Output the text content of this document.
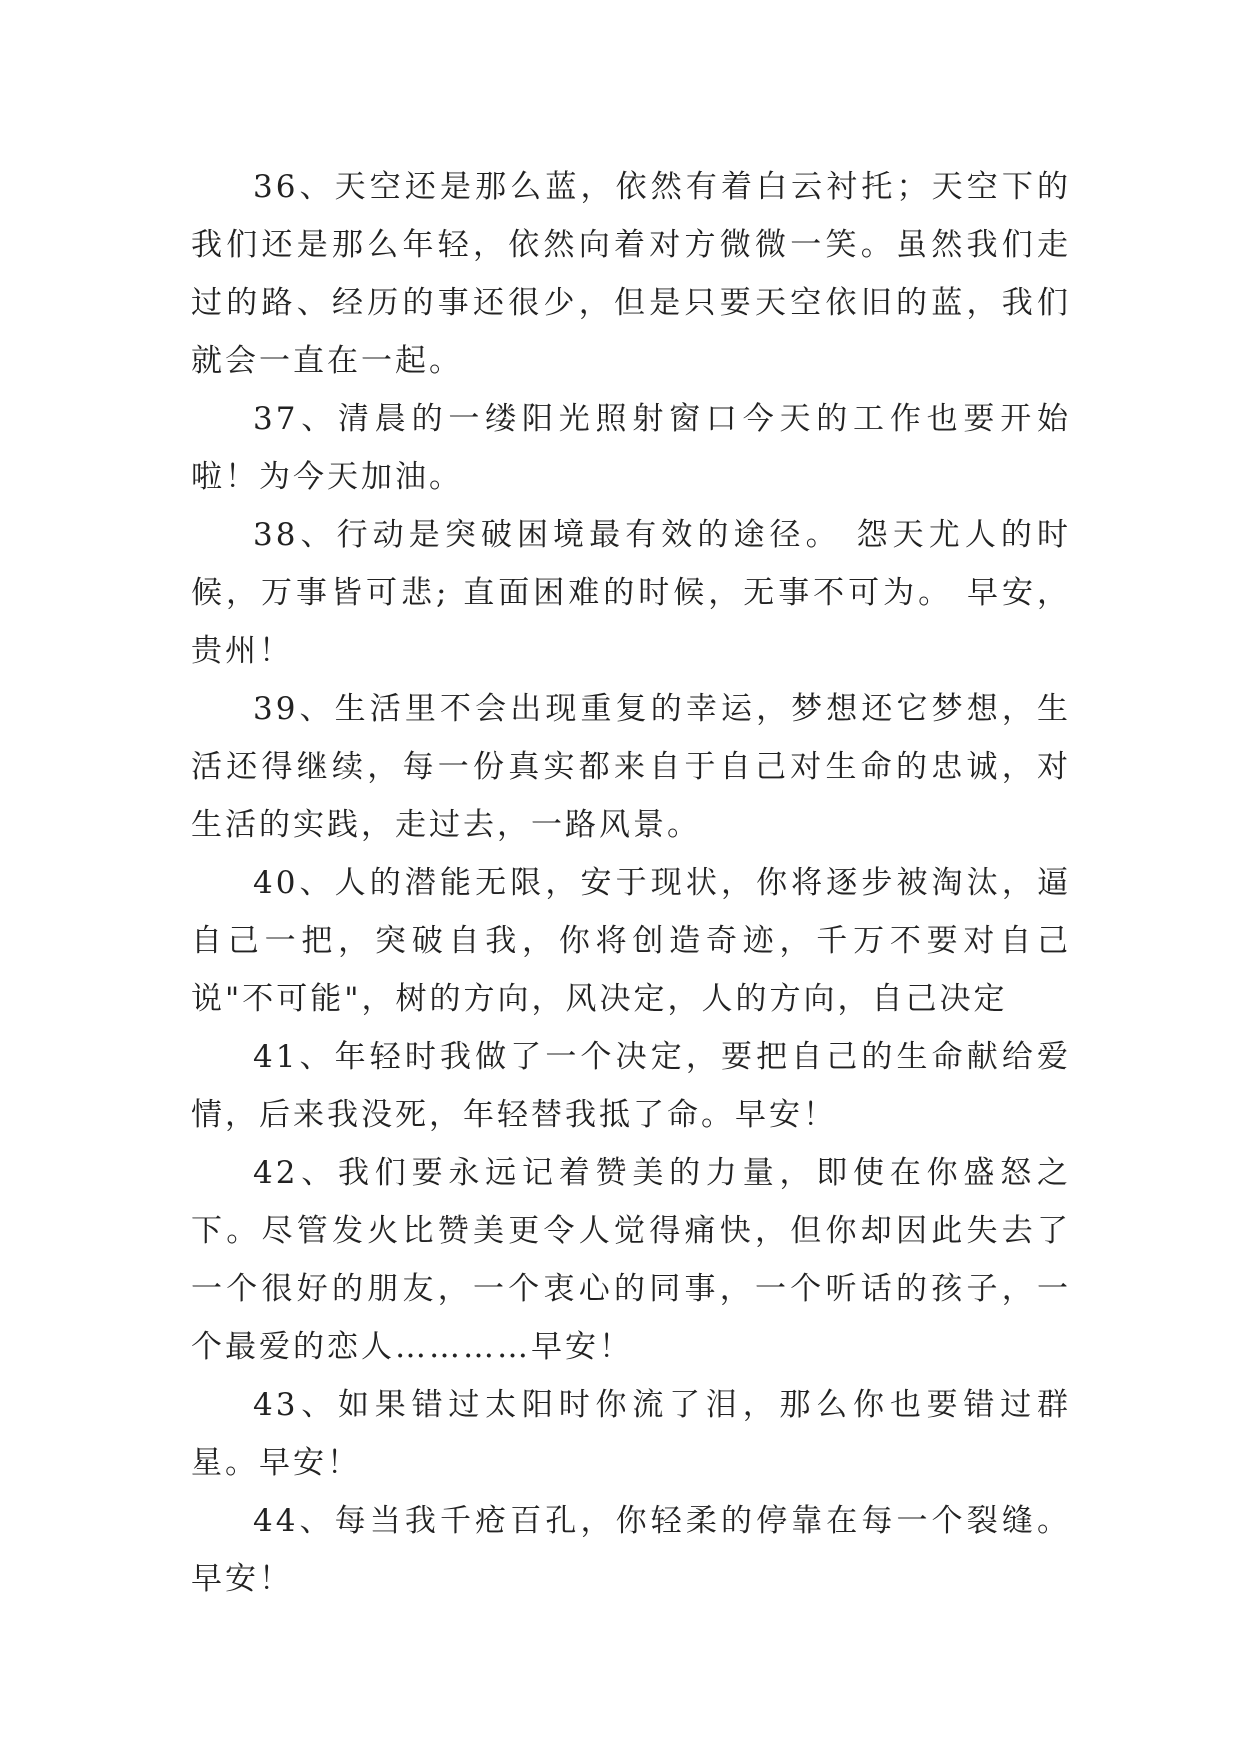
36、天空还是那么蓝，依然有着白云衬托；天空下的我们还是那么年轻，依然向着对方微微一笑。虽然我们走过的路、经历的事还很少，但是只要天空依旧的蓝，我们就会一直在一起。

37、清晨的一缕阳光照射窗口今天的工作也要开始啦！为今天加油。

38、行动是突破困境最有效的途径。 怨天尤人的时候，万事皆可悲; 直面困难的时候，无事不可为。 早安，贵州！

39、生活里不会出现重复的幸运，梦想还它梦想，生活还得继续，每一份真实都来自于自己对生命的忠诚，对生活的实践，走过去，一路风景。

40、人的潜能无限，安于现状，你将逐步被淘汰，逼自己一把，突破自我，你将创造奇迹，千万不要对自己说"不可能"，树的方向，风决定，人的方向，自己决定

41、年轻时我做了一个决定，要把自己的生命献给爱情，后来我没死，年轻替我抵了命。早安！

42、我们要永远记着赞美的力量，即使在你盛怒之下。尽管发火比赞美更令人觉得痛快，但你却因此失去了一个很好的朋友，一个衷心的同事，一个听话的孩子，一个最爱的恋人…………早安！

43、如果错过太阳时你流了泪，那么你也要错过群星。早安！

44、每当我千疮百孔，你轻柔的停靠在每一个裂缝。早安！
